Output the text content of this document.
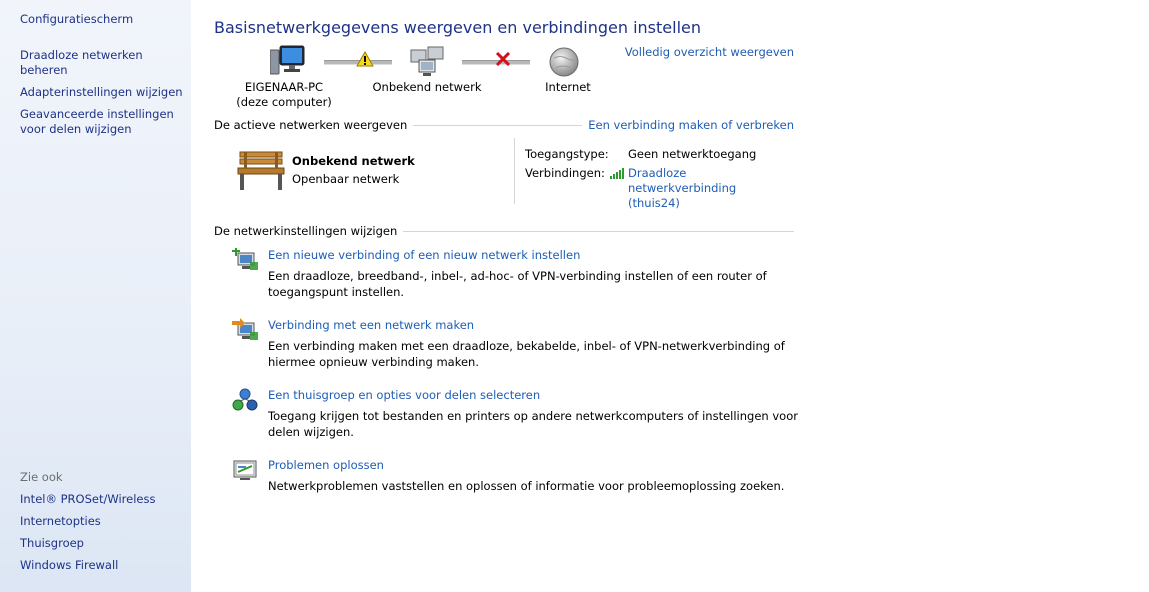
Configuratiescherm
Draadloze netwerken beheren
Adapterinstellingen wijzigen
Geavanceerde instellingen voor delen wijzigen
Zie ook
Intel® PROSet/Wireless
Internetopties
Thuisgroep
Windows Firewall
Basisnetwerkgegevens weergeven en verbindingen instellen
Volledig overzicht weergeven
EIGENAAR-PC
(deze computer)
Onbekend netwerk	Internet
De actieve netwerken weergeven	Een verbinding maken of verbreken
Onbekend netwerk
Openbaar netwerk
Toegangstype: Geen netwerktoegang
Verbindingen: Draadloze netwerkverbinding
(thuis24)
De netwerkinstellingen wijzigen
Een nieuwe verbinding of een nieuw netwerk instellen
Een draadloze, breedband-, inbel-, ad-hoc- of VPN-verbinding instellen of een router of toegangspunt instellen.
Verbinding met een netwerk maken
Een verbinding maken met een draadloze, bekabelde, inbel- of VPN-netwerkverbinding of hiermee opnieuw verbinding maken.
Een thuisgroep en opties voor delen selecteren
Toegang krijgen tot bestanden en printers op andere netwerkcomputers of instellingen voor delen wijzigen.
Problemen oplossen
Netwerkproblemen vaststellen en oplossen of informatie voor probleemoplossing zoeken.
